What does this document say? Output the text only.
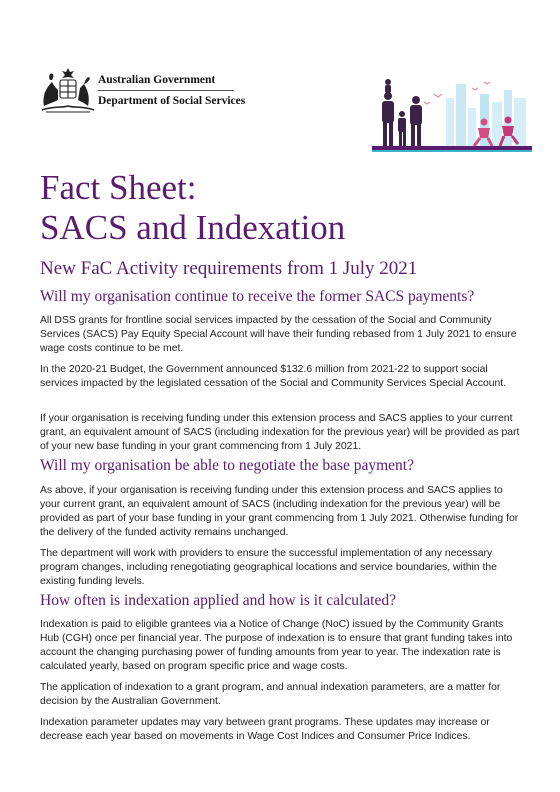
Australian Government
Department of Social Services
Fact Sheet:
SACS and Indexation
New FaC Activity requirements from 1 July 2021
Will my organisation continue to receive the former SACS payments?

All DSS grants for frontline social services impacted by the cessation of the Social and Community Services (SACS) Pay Equity Special Account will have their funding rebased from 1 July 2021 to ensure wage costs continue to be met.

In the 2020-21 Budget, the Government announced $132.6 million from 2021-22 to support social services impacted by the legislated cessation of the Social and Community Services Special Account.

If your organisation is receiving funding under this extension process and SACS applies to your current grant, an equivalent amount of SACS (including indexation for the previous year) will be provided as part of your new base funding in your grant commencing from 1 July 2021.

Will my organisation be able to negotiate the base payment?

As above, if your organisation is receiving funding under this extension process and SACS applies to your current grant, an equivalent amount of SACS (including indexation for the previous year) will be provided as part of your base funding in your grant commencing from 1 July 2021. Otherwise funding for the delivery of the funded activity remains unchanged.

The department will work with providers to ensure the successful implementation of any necessary program changes, including renegotiating geographical locations and service boundaries, within the existing funding levels.

How often is indexation applied and how is it calculated?

Indexation is paid to eligible grantees via a Notice of Change (NoC) issued by the Community Grants Hub (CGH) once per financial year. The purpose of indexation is to ensure that grant funding takes into account the changing purchasing power of funding amounts from year to year. The indexation rate is calculated yearly, based on program specific price and wage costs.

The application of indexation to a grant program, and annual indexation parameters, are a matter for decision by the Australian Government.

Indexation parameter updates may vary between grant programs. These updates may increase or decrease each year based on movements in Wage Cost Indices and Consumer Price Indices.
